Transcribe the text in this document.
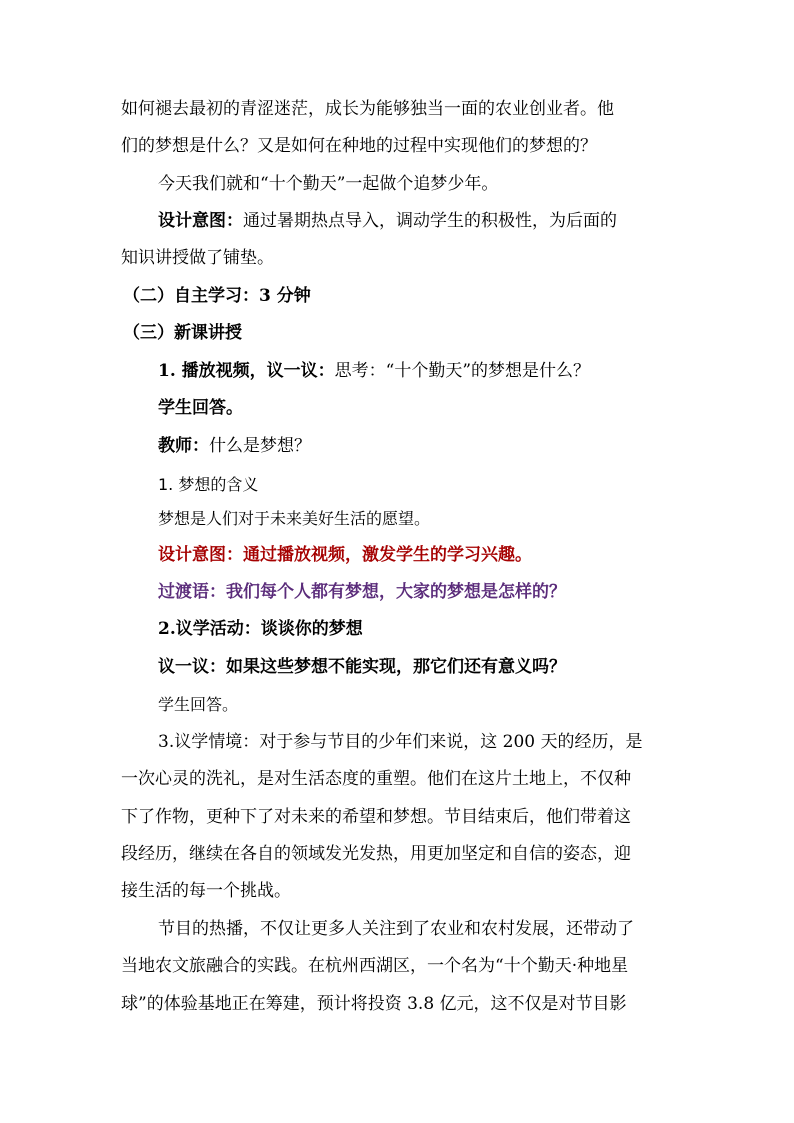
如何褪去最初的青涩迷茫，成长为能够独当一面的农业创业者。他
们的梦想是什么？又是如何在种地的过程中实现他们的梦想的？
今天我们就和“十个勤天”一起做个追梦少年。
设计意图：通过暑期热点导入，调动学生的积极性，为后面的
知识讲授做了铺垫。
（二）自主学习：3 分钟
（三）新课讲授
1. 播放视频，议一议：思考：“十个勤天”的梦想是什么？
学生回答。
教师：什么是梦想？
1. 梦想的含义
梦想是人们对于未来美好生活的愿望。
设计意图：通过播放视频，激发学生的学习兴趣。
过渡语：我们每个人都有梦想，大家的梦想是怎样的？
2.议学活动：谈谈你的梦想
议一议：如果这些梦想不能实现，那它们还有意义吗？
学生回答。
3.议学情境：对于参与节目的少年们来说，这 200 天的经历，是
一次心灵的洗礼，是对生活态度的重塑。他们在这片土地上，不仅种
下了作物，更种下了对未来的希望和梦想。节目结束后，他们带着这
段经历，继续在各自的领域发光发热，用更加坚定和自信的姿态，迎
接生活的每一个挑战。
节目的热播，不仅让更多人关注到了农业和农村发展，还带动了
当地农文旅融合的实践。在杭州西湖区，一个名为“十个勤天·种地星
球”的体验基地正在筹建，预计将投资 3.8 亿元，这不仅是对节目影
